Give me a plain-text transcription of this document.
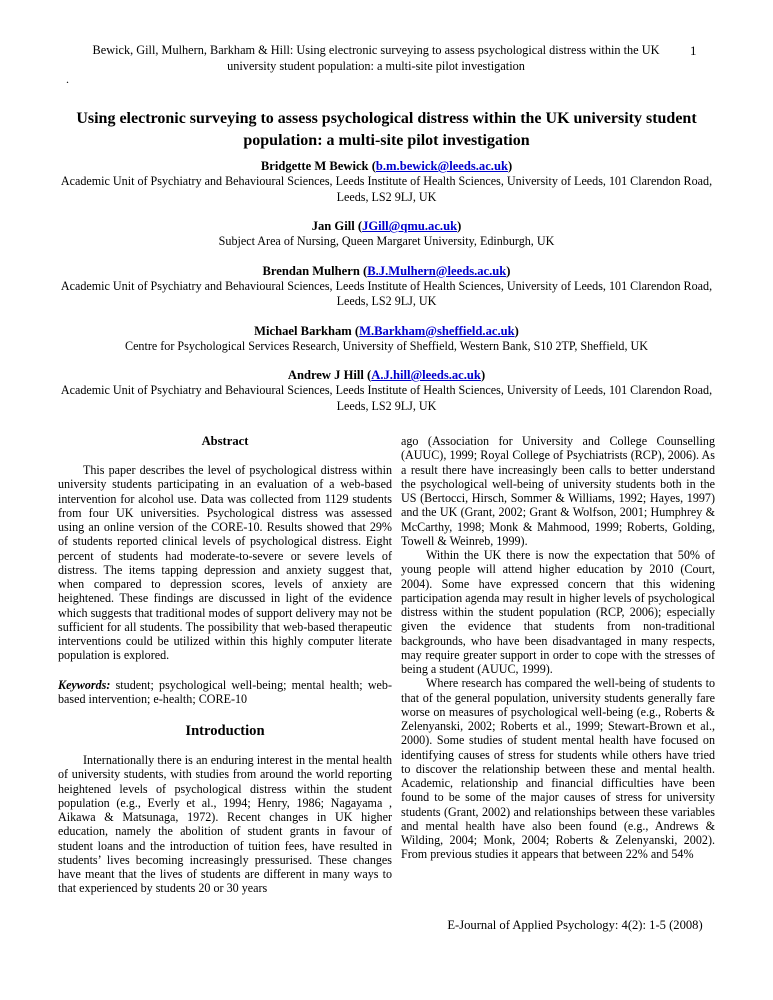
Bewick, Gill, Mulhern, Barkham & Hill: Using electronic surveying to assess psychological distress within the UK university student population: a multi-site pilot investigation
1
.
Using electronic surveying to assess psychological distress within the UK university student population: a multi-site pilot investigation
Bridgette M Bewick ( b.m.bewick@leeds.ac.uk )
Academic Unit of Psychiatry and Behavioural Sciences, Leeds Institute of Health Sciences, University of Leeds, 101 Clarendon Road, Leeds, LS2 9LJ, UK
Jan Gill ( JGill@qmu.ac.uk )
Subject Area of Nursing, Queen Margaret University, Edinburgh, UK
Brendan Mulhern ( B.J.Mulhern@leeds.ac.uk )
Academic Unit of Psychiatry and Behavioural Sciences, Leeds Institute of Health Sciences, University of Leeds, 101 Clarendon Road, Leeds, LS2 9LJ, UK
Michael Barkham ( M.Barkham@sheffield.ac.uk )
Centre for Psychological Services Research, University of Sheffield, Western Bank, S10 2TP, Sheffield, UK
Andrew J Hill ( A.J.hill@leeds.ac.uk )
Academic Unit of Psychiatry and Behavioural Sciences, Leeds Institute of Health Sciences, University of Leeds, 101 Clarendon Road, Leeds, LS2 9LJ, UK
Abstract

This paper describes the level of psychological distress within university students participating in an evaluation of a web-based intervention for alcohol use. Data was collected from 1129 students from four UK universities. Psychological distress was assessed using an online version of the CORE-10. Results showed that 29% of students reported clinical levels of psychological distress. Eight percent of students had moderate-to-severe or severe levels of distress. The items tapping depression and anxiety suggest that, when compared to depression scores, levels of anxiety are heightened. These findings are discussed in light of the evidence which suggests that traditional modes of support delivery may not be sufficient for all students. The possibility that web-based therapeutic interventions could be utilized within this highly computer literate population is explored.

Keywords: student; psychological well-being; mental health; web-based intervention; e-health; CORE-10

Introduction

Internationally there is an enduring interest in the mental health of university students, with studies from around the world reporting heightened levels of psychological distress within the student population (e.g., Everly et al., 1994; Henry, 1986; Nagayama , Aikawa & Matsunaga, 1972). Recent changes in UK higher education, namely the abolition of student grants in favour of student loans and the introduction of tuition fees, have resulted in students’ lives becoming increasingly pressurised. These changes have meant that the lives of students are different in many ways to that experienced by students 20 or 30 years

ago (Association for University and College Counselling (AUUC), 1999; Royal College of Psychiatrists (RCP), 2006). As a result there have increasingly been calls to better understand the psychological well-being of university students both in the US (Bertocci, Hirsch, Sommer & Williams, 1992; Hayes, 1997) and the UK (Grant, 2002; Grant & Wolfson, 2001; Humphrey & McCarthy, 1998; Monk & Mahmood, 1999; Roberts, Golding, Towell & Weinreb, 1999).

Within the UK there is now the expectation that 50% of young people will attend higher education by 2010 (Court, 2004). Some have expressed concern that this widening participation agenda may result in higher levels of psychological distress within the student population (RCP, 2006); especially given the evidence that students from non-traditional backgrounds, who have been disadvantaged in many respects, may require greater support in order to cope with the stresses of being a student (AUUC, 1999).

Where research has compared the well-being of students to that of the general population, university students generally fare worse on measures of psychological well-being (e.g., Roberts & Zelenyanski, 2002; Roberts et al., 1999; Stewart-Brown et al., 2000). Some studies of student mental health have focused on identifying causes of stress for students while others have tried to discover the relationship between these and mental health. Academic, relationship and financial difficulties have been found to be some of the major causes of stress for university students (Grant, 2002) and relationships between these variables and mental health have also been found (e.g., Andrews & Wilding, 2004; Monk, 2004; Roberts & Zelenyanski, 2002). From previous studies it appears that between 22% and 54%

E-Journal of Applied Psychology: 4(2): 1-5 (2008)
